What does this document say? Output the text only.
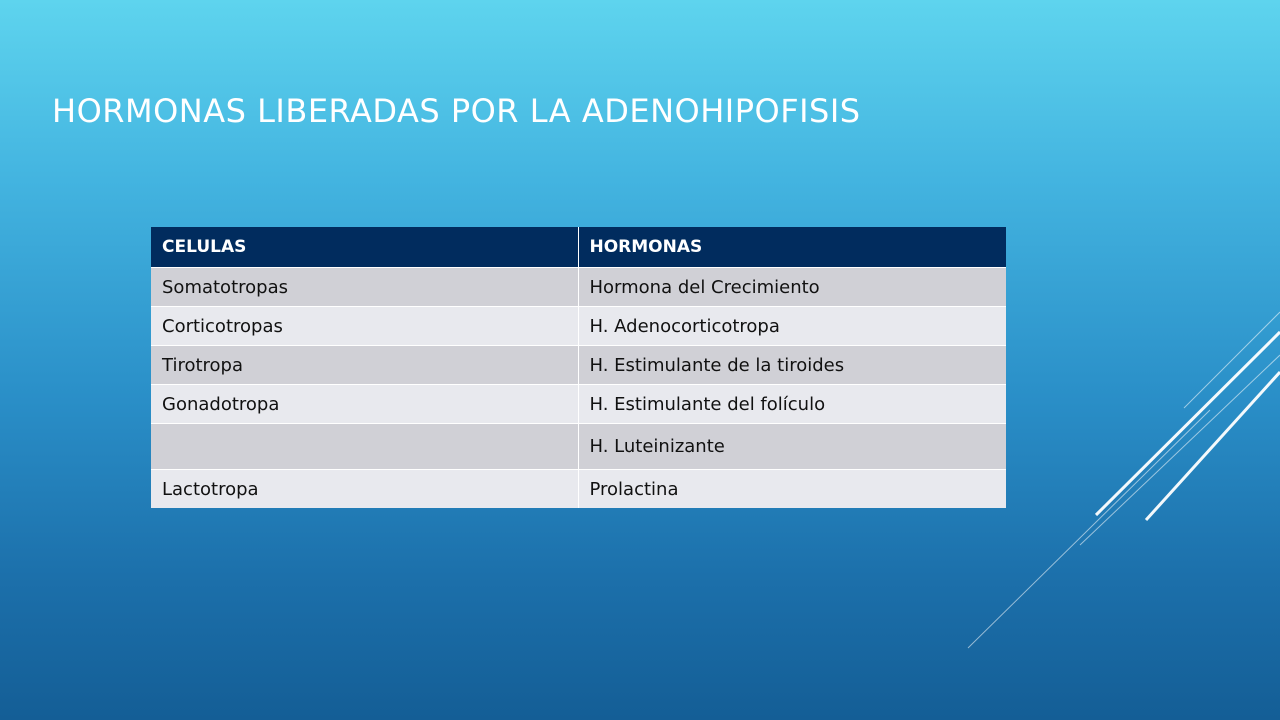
HORMONAS LIBERADAS POR LA ADENOHIPOFISIS
CELULAS	HORMONAS
Somatotropas	Hormona del Crecimiento
Corticotropas	H. Adenocorticotropa
Tirotropa	H. Estimulante de la tiroides
Gonadotropa	H. Estimulante del folículo
	H. Luteinizante
Lactotropa	Prolactina
